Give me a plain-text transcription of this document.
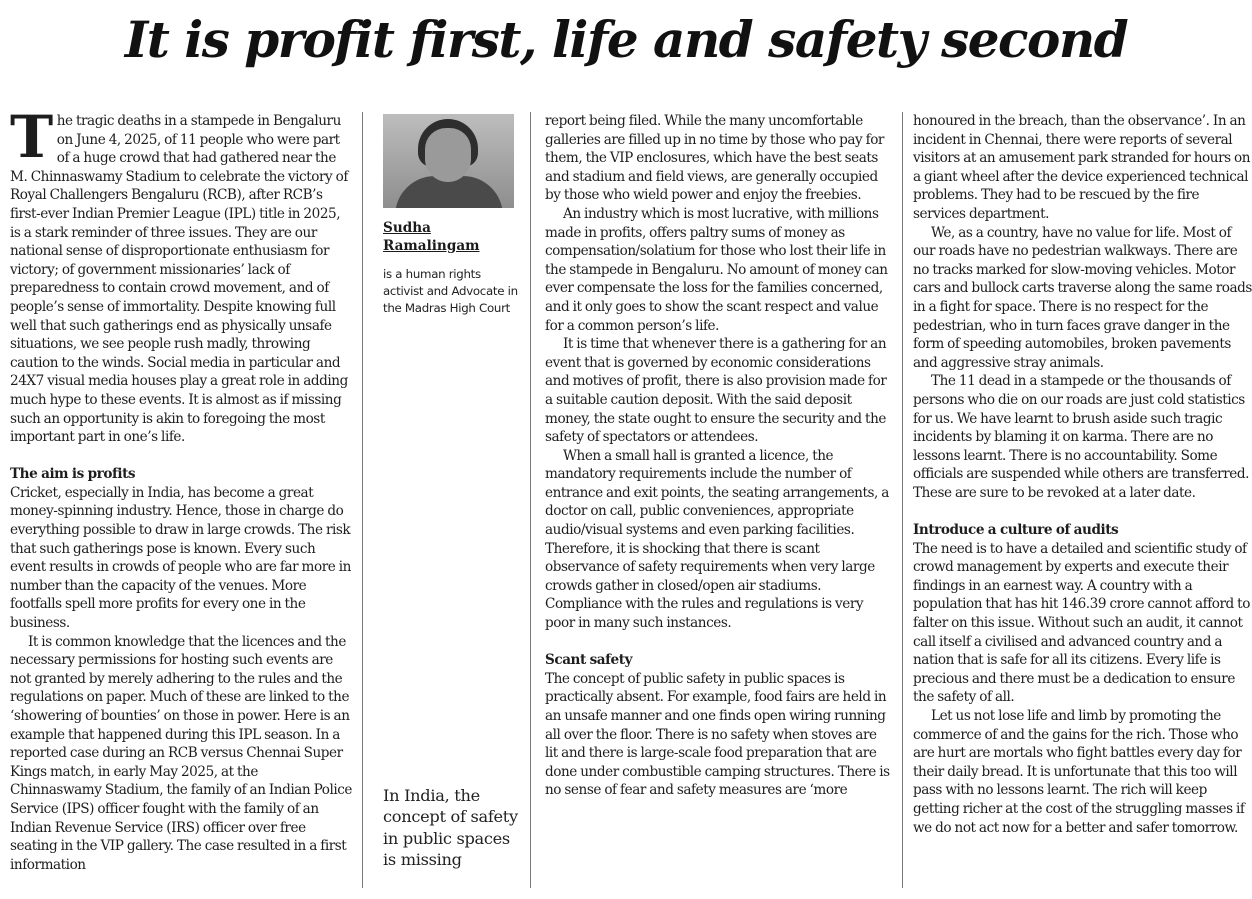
It is profit first, life and safety second

The tragic deaths in a stampede in Bengaluru on June 4, 2025, of 11 people who were part of a huge crowd that had gathered near the M. Chinnaswamy Stadium to celebrate the victory of Royal Challengers Bengaluru (RCB), after RCB’s first-ever Indian Premier League (IPL) title in 2025, is a stark reminder of three issues. They are our national sense of disproportionate enthusiasm for victory; of government missionaries’ lack of preparedness to contain crowd movement, and of people’s sense of immortality. Despite knowing full well that such gatherings end as physically unsafe situations, we see people rush madly, throwing caution to the winds. Social media in particular and 24X7 visual media houses play a great role in adding much hype to these events. It is almost as if missing such an opportunity is akin to foregoing the most important part in one’s life.

The aim is profits

Cricket, especially in India, has become a great money-spinning industry. Hence, those in charge do everything possible to draw in large crowds. The risk that such gatherings pose is known. Every such event results in crowds of people who are far more in number than the capacity of the venues. More footfalls spell more profits for every one in the business.

It is common knowledge that the licences and the necessary permissions for hosting such events are not granted by merely adhering to the rules and the regulations on paper. Much of these are linked to the ‘showering of bounties’ on those in power. Here is an example that happened during this IPL season. In a reported case during an RCB versus Chennai Super Kings match, in early May 2025, at the Chinnaswamy Stadium, the family of an Indian Police Service (IPS) officer fought with the family of an Indian Revenue Service (IRS) officer over free seating in the VIP gallery. The case resulted in a first information

Sudha Ramalingam
is a human rights activist and Advocate in the Madras High Court
In India, the concept of safety in public spaces is missing

report being filed. While the many uncomfortable galleries are filled up in no time by those who pay for them, the VIP enclosures, which have the best seats and stadium and field views, are generally occupied by those who wield power and enjoy the freebies.

An industry which is most lucrative, with millions made in profits, offers paltry sums of money as compensation/solatium for those who lost their life in the stampede in Bengaluru. No amount of money can ever compensate the loss for the families concerned, and it only goes to show the scant respect and value for a common person’s life.

It is time that whenever there is a gathering for an event that is governed by economic considerations and motives of profit, there is also provision made for a suitable caution deposit. With the said deposit money, the state ought to ensure the security and the safety of spectators or attendees.

When a small hall is granted a licence, the mandatory requirements include the number of entrance and exit points, the seating arrangements, a doctor on call, public conveniences, appropriate audio/visual systems and even parking facilities. Therefore, it is shocking that there is scant observance of safety requirements when very large crowds gather in closed/open air stadiums. Compliance with the rules and regulations is very poor in many such instances.

Scant safety

The concept of public safety in public spaces is practically absent. For example, food fairs are held in an unsafe manner and one finds open wiring running all over the floor. There is no safety when stoves are lit and there is large-scale food preparation that are done under combustible camping structures. There is no sense of fear and safety measures are ‘more

honoured in the breach, than the observance’. In an incident in Chennai, there were reports of several visitors at an amusement park stranded for hours on a giant wheel after the device experienced technical problems. They had to be rescued by the fire services department.

We, as a country, have no value for life. Most of our roads have no pedestrian walkways. There are no tracks marked for slow-moving vehicles. Motor cars and bullock carts traverse along the same roads in a fight for space. There is no respect for the pedestrian, who in turn faces grave danger in the form of speeding automobiles, broken pavements and aggressive stray animals.

The 11 dead in a stampede or the thousands of persons who die on our roads are just cold statistics for us. We have learnt to brush aside such tragic incidents by blaming it on karma. There are no lessons learnt. There is no accountability. Some officials are suspended while others are transferred. These are sure to be revoked at a later date.

Introduce a culture of audits

The need is to have a detailed and scientific study of crowd management by experts and execute their findings in an earnest way. A country with a population that has hit 146.39 crore cannot afford to falter on this issue. Without such an audit, it cannot call itself a civilised and advanced country and a nation that is safe for all its citizens. Every life is precious and there must be a dedication to ensure the safety of all.

Let us not lose life and limb by promoting the commerce of and the gains for the rich. Those who are hurt are mortals who fight battles every day for their daily bread. It is unfortunate that this too will pass with no lessons learnt. The rich will keep getting richer at the cost of the struggling masses if we do not act now for a better and safer tomorrow.
